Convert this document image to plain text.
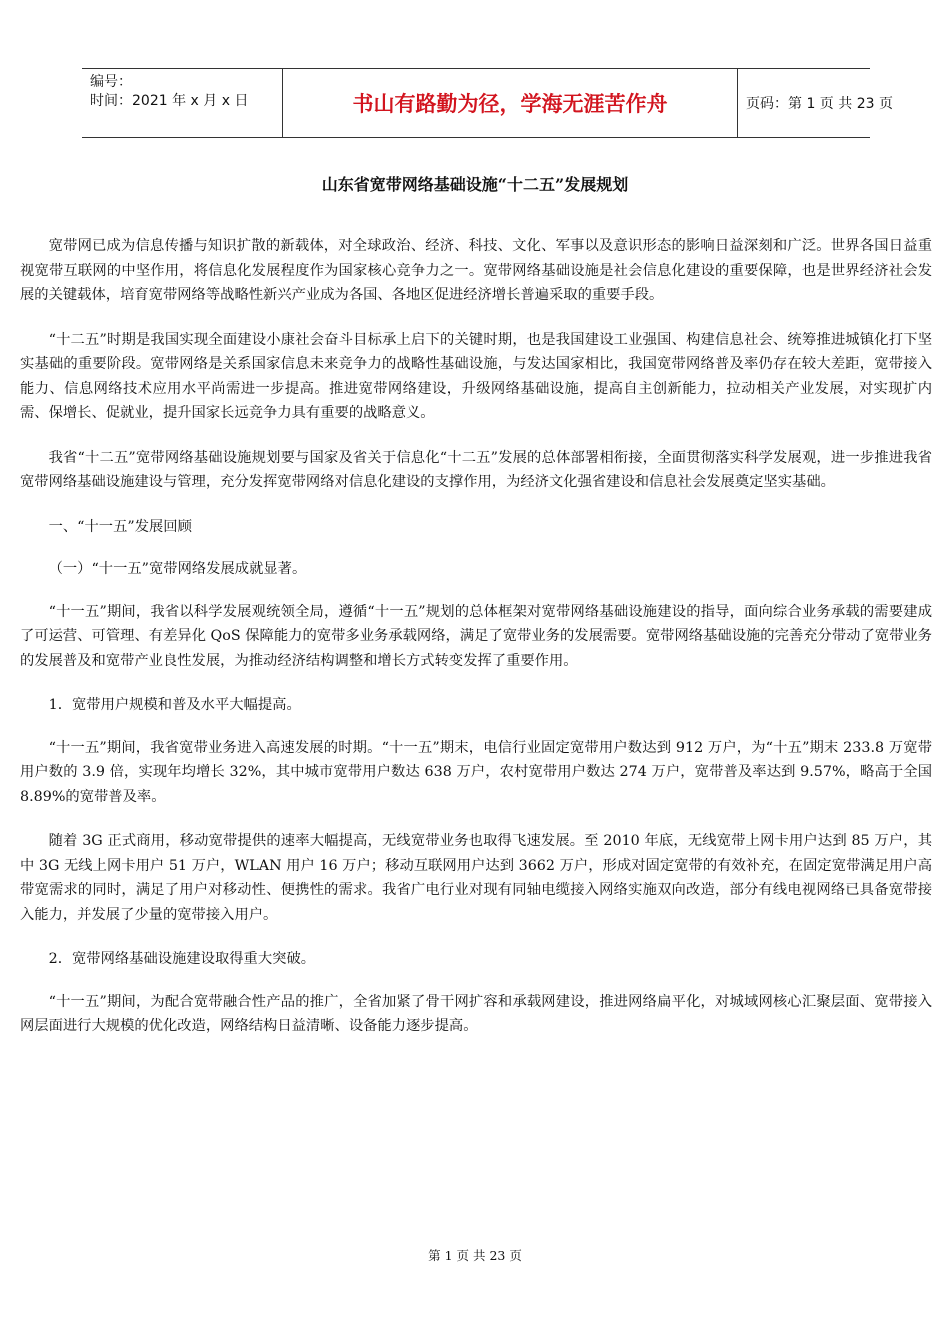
编号：
时间：2021 年 x 月 x 日	书山有路勤为径，学海无涯苦作舟	页码：第 1 页 共 23 页
山东省宽带网络基础设施“十二五”发展规划

宽带网已成为信息传播与知识扩散的新载体，对全球政治、经济、科技、文化、军事以及意识形态的影响日益深刻和广泛。世界各国日益重视宽带互联网的中坚作用，将信息化发展程度作为国家核心竞争力之一。宽带网络基础设施是社会信息化建设的重要保障，也是世界经济社会发展的关键载体，培育宽带网络等战略性新兴产业成为各国、各地区促进经济增长普遍采取的重要手段。

“十二五”时期是我国实现全面建设小康社会奋斗目标承上启下的关键时期，也是我国建设工业强国、构建信息社会、统筹推进城镇化打下坚实基础的重要阶段。宽带网络是关系国家信息未来竞争力的战略性基础设施，与发达国家相比，我国宽带网络普及率仍存在较大差距，宽带接入能力、信息网络技术应用水平尚需进一步提高。推进宽带网络建设，升级网络基础设施，提高自主创新能力，拉动相关产业发展，对实现扩内需、保增长、促就业，提升国家长远竞争力具有重要的战略意义。

我省“十二五”宽带网络基础设施规划要与国家及省关于信息化“十二五”发展的总体部署相衔接，全面贯彻落实科学发展观，进一步推进我省宽带网络基础设施建设与管理，充分发挥宽带网络对信息化建设的支撑作用，为经济文化强省建设和信息社会发展奠定坚实基础。

一、“十一五”发展回顾

（一）“十一五”宽带网络发展成就显著。

“十一五”期间，我省以科学发展观统领全局，遵循“十一五”规划的总体框架对宽带网络基础设施建设的指导，面向综合业务承载的需要建成了可运营、可管理、有差异化 QoS 保障能力的宽带多业务承载网络，满足了宽带业务的发展需要。宽带网络基础设施的完善充分带动了宽带业务的发展普及和宽带产业良性发展，为推动经济结构调整和增长方式转变发挥了重要作用。

1．宽带用户规模和普及水平大幅提高。

“十一五”期间，我省宽带业务进入高速发展的时期。“十一五”期末，电信行业固定宽带用户数达到 912 万户，为“十五”期末 233.8 万宽带用户数的 3.9 倍，实现年均增长 32%，其中城市宽带用户数达 638 万户，农村宽带用户数达 274 万户，宽带普及率达到 9.57%，略高于全国 8.89%的宽带普及率。

随着 3G 正式商用，移动宽带提供的速率大幅提高，无线宽带业务也取得飞速发展。至 2010 年底，无线宽带上网卡用户达到 85 万户，其中 3G 无线上网卡用户 51 万户，WLAN 用户 16 万户；移动互联网用户达到 3662 万户，形成对固定宽带的有效补充，在固定宽带满足用户高带宽需求的同时，满足了用户对移动性、便携性的需求。我省广电行业对现有同轴电缆接入网络实施双向改造，部分有线电视网络已具备宽带接入能力，并发展了少量的宽带接入用户。

2．宽带网络基础设施建设取得重大突破。

“十一五”期间，为配合宽带融合性产品的推广，全省加紧了骨干网扩容和承载网建设，推进网络扁平化，对城域网核心汇聚层面、宽带接入网层面进行大规模的优化改造，网络结构日益清晰、设备能力逐步提高。

第 1 页 共 23 页
